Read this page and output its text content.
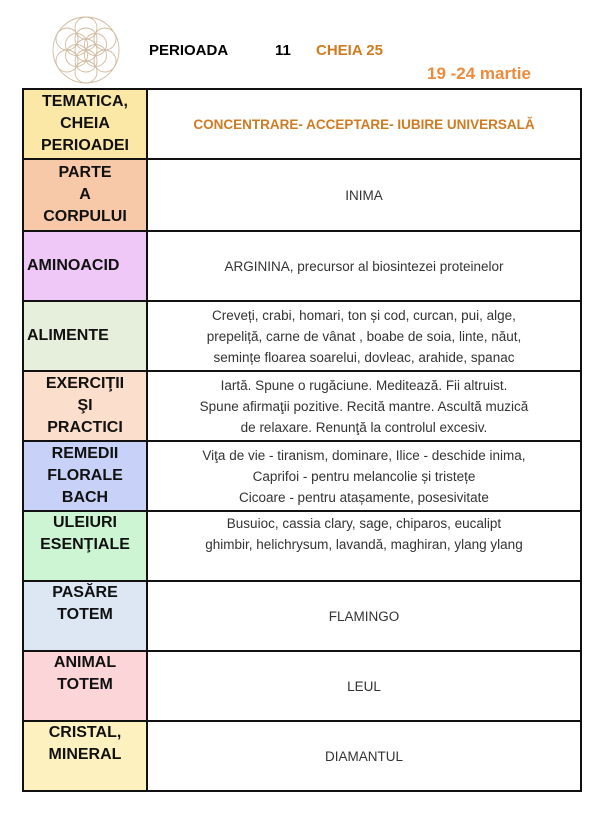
PERIOADA	11 CHEIA 25
19 -24 martie
TEMATICA,
CHEIA
PERIOADEI	CONCENTRARE- ACCEPTARE- IUBIRE UNIVERSALĂ

PARTE
A
CORPULUI	INIMA

AMINOACID	ARGININA, precursor al biosintezei proteinelor

ALIMENTE	Creveți, crabi, homari, ton și cod, curcan, pui, alge,
prepeliță, carne de vânat , boabe de soia, linte, năut,
semințe floarea soarelui, dovleac, arahide, spanac

EXERCIŢII
ŞI
PRACTICI	Iartă. Spune o rugăciune. Meditează. Fii altruist.
Spune afirmaţii pozitive. Recită mantre. Ascultă muzică
de relaxare. Renunţă la controlul excesiv.

REMEDII
FLORALE
BACH	Viţa de vie - tiranism, dominare, Ilice - deschide inima,
Caprifoi - pentru melancolie și tristețe
Cicoare - pentru atașamente, posesivitate

ULEIURI
ESENŢIALE	Busuioc, cassia clary, sage, chiparos, eucalipt
ghimbir, helichrysum, lavandă, maghiran, ylang ylang

PASĂRE
TOTEM	FLAMINGO

ANIMAL
TOTEM	LEUL

CRISTAL,
MINERAL	DIAMANTUL
